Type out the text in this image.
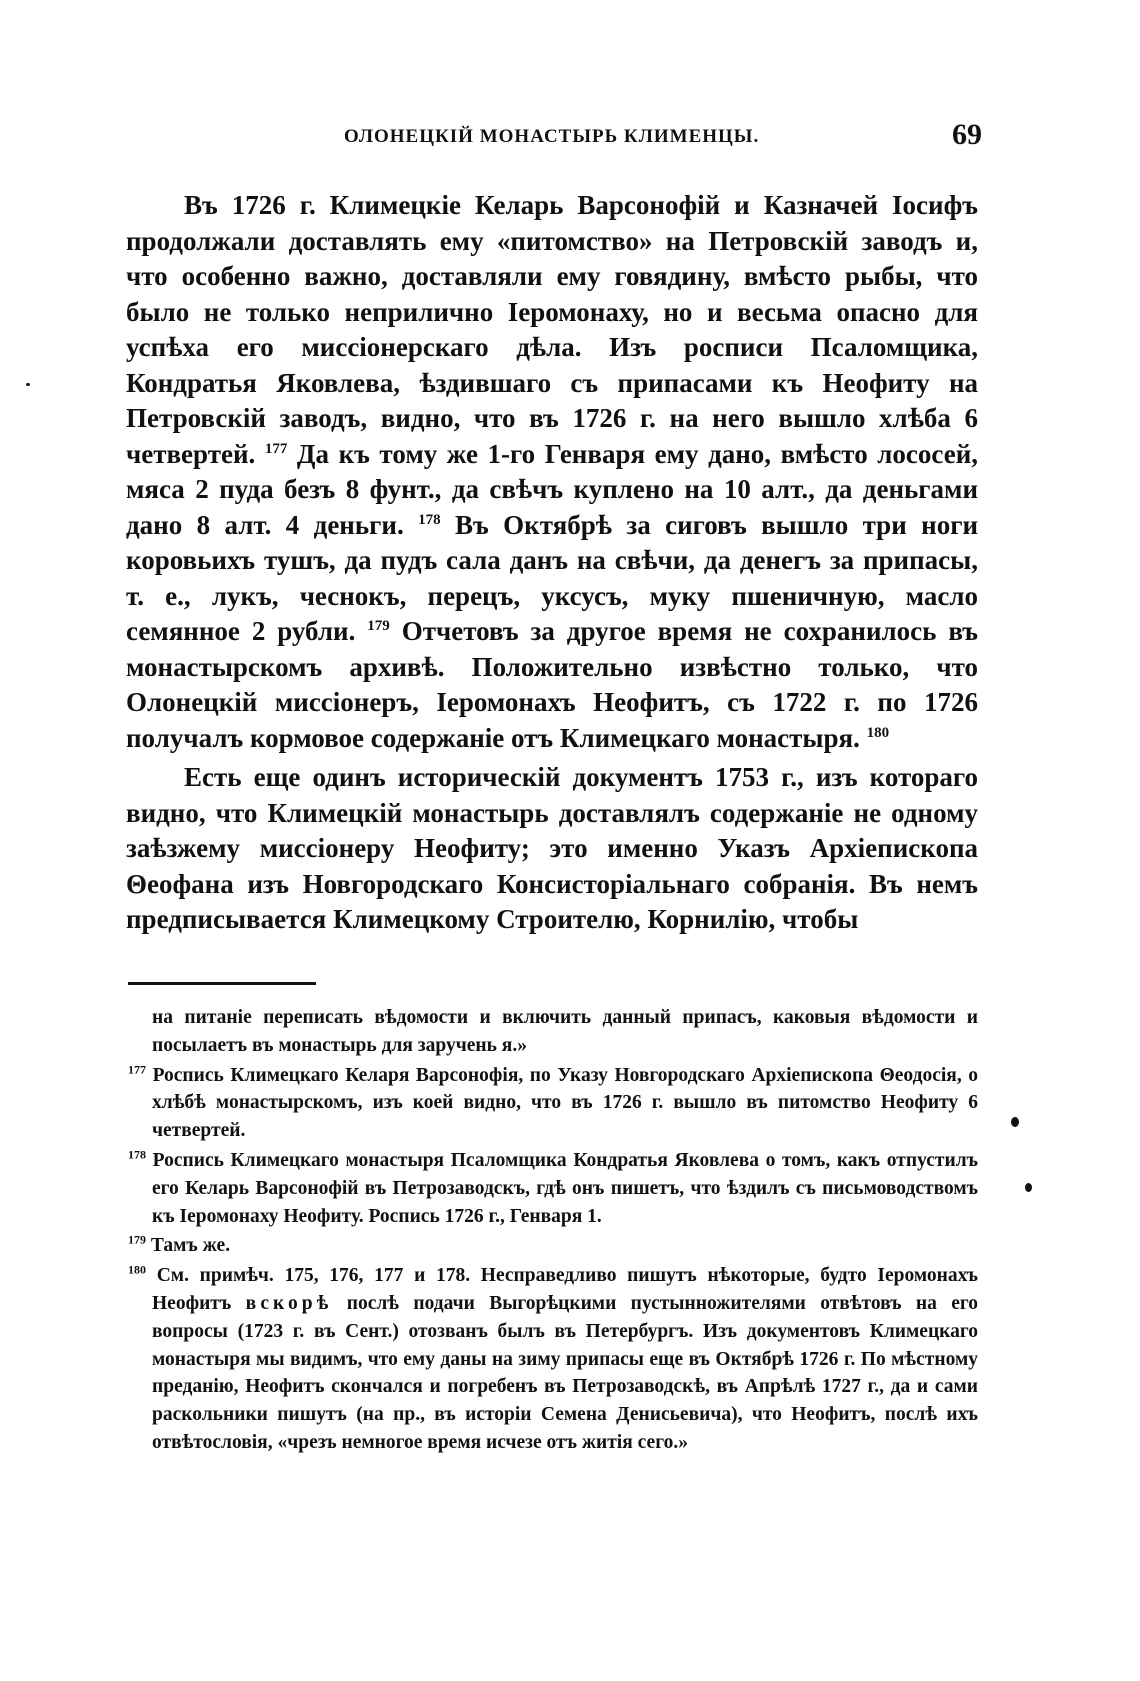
ОЛОНЕЦКІЙ МОНАСТЫРЬ КЛИМЕНЦЫ.	69

Въ 1726 г. Климецкіе Келарь Варсонофій и Казначей Іосифъ продолжали доставлять ему «питомство» на Петровскій заводъ и, что особенно важно, доставляли ему говядину, вмѣсто рыбы, что было не только неприлично Іеромонаху, но и весьма опасно для успѣха его миссіонерскаго дѣла. Изъ росписи Псаломщика, Кондратья Яковлева, ѣздившаго съ припасами къ Неофиту на Петровскій заводъ, видно, что въ 1726 г. на него вышло хлѣба 6 четвертей. $^{177}$ Да къ тому же 1-го Генваря ему дано, вмѣсто лососей, мяса 2 пуда безъ 8 фунт., да свѣчъ куплено на 10 алт., да деньгами дано 8 алт. 4 деньги. $^{178}$ Въ Октябрѣ за сиговъ вышло три ноги коровьихъ тушъ, да пудъ сала данъ на свѣчи, да денегъ за припасы, т. е., лукъ, чеснокъ, перецъ, уксусъ, муку пшеничную, масло семянное 2 рубли. $^{179}$ Отчетовъ за другое время не сохранилось въ монастырскомъ архивѣ. Положительно извѣстно только, что Олонецкій миссіонеръ, Іеромонахъ Неофитъ, съ 1722 г. по 1726 получалъ кормовое содержаніе отъ Климецкаго монастыря. $^{180}$

Есть еще одинъ историческій документъ 1753 г., изъ котораго видно, что Климецкій монастырь доставлялъ содержаніе не одному заѣзжему миссіонеру Неофиту; это именно Указъ Архіепископа Θеофана изъ Новгородскаго Консисторіальнаго собранія. Въ немъ предписывается Климецкому Строителю, Корнилію, чтобы

на питаніе переписать вѣдомости и включить данный припасъ, каковыя вѣдомости и посылаетъ въ монастырь для заручень я.»

$^{177}$ Роспись Климецкаго Келаря Варсонофія, по Указу Новгородскаго Архіепископа Θеодосія, о хлѣбѣ монастырскомъ, изъ коей видно, что въ 1726 г. вышло въ питомство Неофиту 6 четвертей.

$^{178}$ Роспись Климецкаго монастыря Псаломщика Кондратья Яковлева о томъ, какъ отпустилъ его Келарь Варсонофій въ Петрозаводскъ, гдѣ онъ пишетъ, что ѣздилъ съ письмоводствомъ къ Іеромонаху Неофиту. Роспись 1726 г., Генваря 1.

$^{179}$ Тамъ же.

$^{180}$ См. примѣч. 175, 176, 177 и 178. Несправедливо пишутъ нѣкоторые, будто Іеромонахъ Неофитъ вскорѣ послѣ подачи Выгорѣцкими пустынножителями отвѣтовъ на его вопросы (1723 г. въ Сент.) отозванъ былъ въ Петербургъ. Изъ документовъ Климецкаго монастыря мы видимъ, что ему даны на зиму припасы еще въ Октябрѣ 1726 г. По мѣстному преданію, Неофитъ скончался и погребенъ въ Петрозаводскѣ, въ Апрѣлѣ 1727 г., да и сами раскольники пишутъ (на пр., въ исторіи Семена Денисьевича), что Неофитъ, послѣ ихъ отвѣтословія, «чрезъ немногое время исчезе отъ житія сего.»
